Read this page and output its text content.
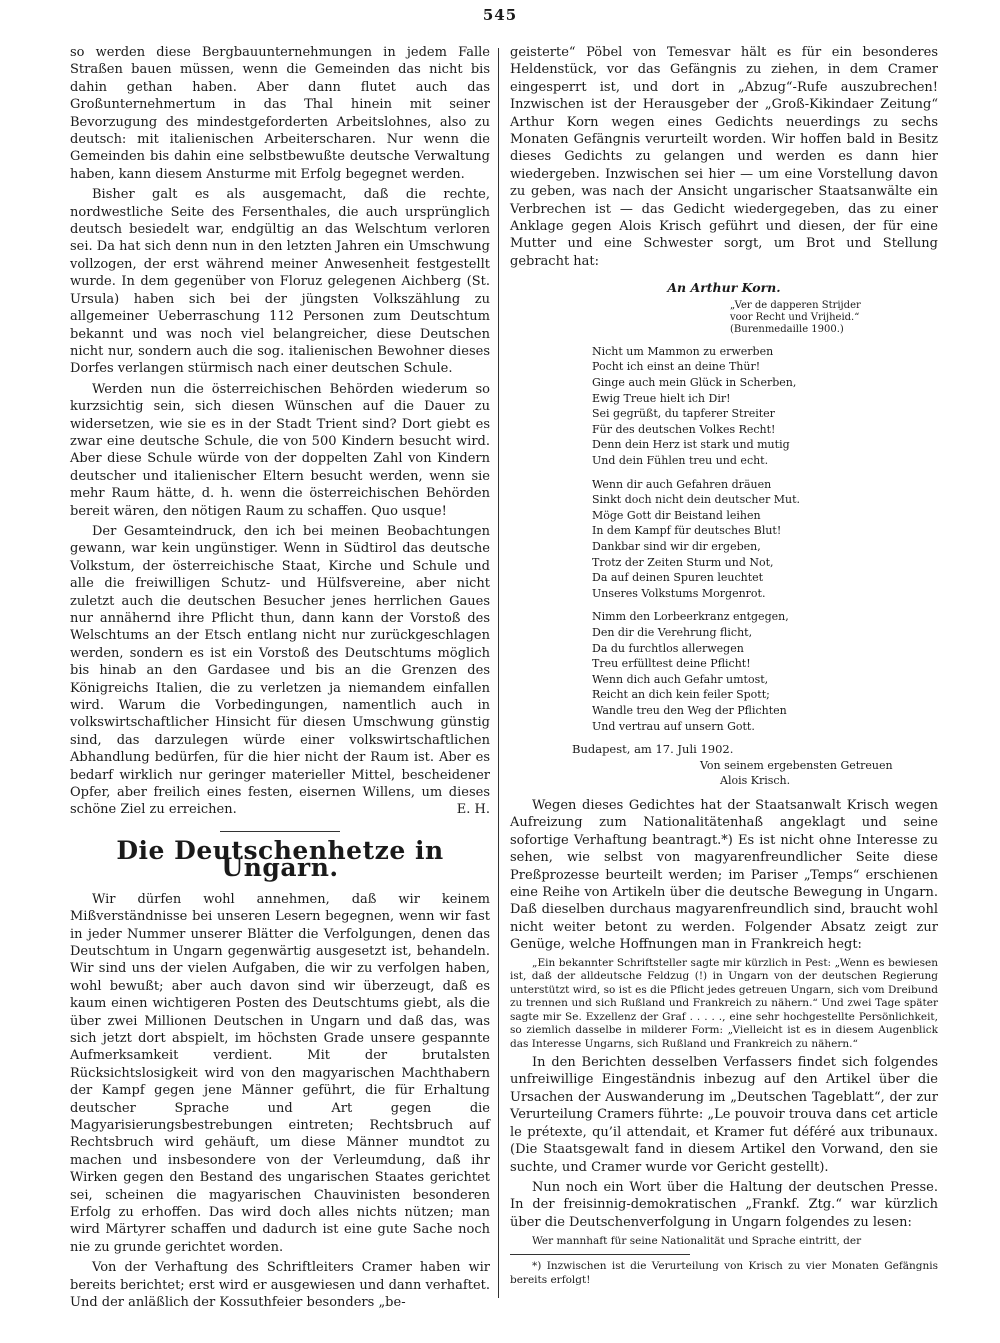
545

so werden diese Bergbauunternehmungen in jedem Falle Straßen bauen müssen, wenn die Gemeinden das nicht bis dahin gethan haben. Aber dann flutet auch das Großunternehmertum in das Thal hinein mit seiner Bevorzugung des mindestgeforderten Arbeitslohnes, also zu deutsch: mit italienischen Arbeiterscharen. Nur wenn die Gemeinden bis dahin eine selbstbewußte deutsche Verwaltung haben, kann diesem Ansturme mit Erfolg begegnet werden.

Bisher galt es als ausgemacht, daß die rechte, nordwestliche Seite des Fersenthales, die auch ursprünglich deutsch besiedelt war, endgültig an das Welschtum verloren sei. Da hat sich denn nun in den letzten Jahren ein Umschwung vollzogen, der erst während meiner Anwesenheit festgestellt wurde. In dem gegenüber von Floruz gelegenen Aichberg (St. Ursula) haben sich bei der jüngsten Volkszählung zu allgemeiner Ueberraschung 112 Personen zum Deutschtum bekannt und was noch viel belangreicher, diese Deutschen nicht nur, sondern auch die sog. italienischen Bewohner dieses Dorfes verlangen stürmisch nach einer deutschen Schule.

Werden nun die österreichischen Behörden wiederum so kurzsichtig sein, sich diesen Wünschen auf die Dauer zu widersetzen, wie sie es in der Stadt Trient sind? Dort giebt es zwar eine deutsche Schule, die von 500 Kindern besucht wird. Aber diese Schule würde von der doppelten Zahl von Kindern deutscher und italienischer Eltern besucht werden, wenn sie mehr Raum hätte, d. h. wenn die österreichischen Behörden bereit wären, den nötigen Raum zu schaffen. Quo usque!

Der Gesamteindruck, den ich bei meinen Beobachtungen gewann, war kein ungünstiger. Wenn in Südtirol das deutsche Volkstum, der österreichische Staat, Kirche und Schule und alle die freiwilligen Schutz- und Hülfsvereine, aber nicht zuletzt auch die deutschen Besucher jenes herrlichen Gaues nur annähernd ihre Pflicht thun, dann kann der Vorstoß des Welschtums an der Etsch entlang nicht nur zurückgeschlagen werden, sondern es ist ein Vorstoß des Deutschtums möglich bis hinab an den Gardasee und bis an die Grenzen des Königreichs Italien, die zu verletzen ja niemandem einfallen wird. Warum die Vorbedingungen, namentlich auch in volkswirtschaftlicher Hinsicht für diesen Umschwung günstig sind, das darzulegen würde einer volkswirtschaftlichen Abhandlung bedürfen, für die hier nicht der Raum ist. Aber es bedarf wirklich nur geringer materieller Mittel, bescheidener Opfer, aber freilich eines festen, eisernen Willens, um dieses schöne Ziel zu erreichen.	E. H.

Die Deutschenhetze in Ungarn.

Wir dürfen wohl annehmen, daß wir keinem Mißverständnisse bei unseren Lesern begegnen, wenn wir fast in jeder Nummer unserer Blätter die Verfolgungen, denen das Deutschtum in Ungarn gegenwärtig ausgesetzt ist, behandeln. Wir sind uns der vielen Aufgaben, die wir zu verfolgen haben, wohl bewußt; aber auch davon sind wir überzeugt, daß es kaum einen wichtigeren Posten des Deutschtums giebt, als die über zwei Millionen Deutschen in Ungarn und daß das, was sich jetzt dort abspielt, im höchsten Grade unsere gespannte Aufmerksamkeit verdient. Mit der brutalsten Rücksichtslosigkeit wird von den magyarischen Machthabern der Kampf gegen jene Männer geführt, die für Erhaltung deutscher Sprache und Art gegen die Magyarisierungsbestrebungen eintreten; Rechtsbruch auf Rechtsbruch wird gehäuft, um diese Männer mundtot zu machen und insbesondere von der Verleumdung, daß ihr Wirken gegen den Bestand des ungarischen Staates gerichtet sei, scheinen die magyarischen Chauvinisten besonderen Erfolg zu erhoffen. Das wird doch alles nichts nützen; man wird Märtyrer schaffen und dadurch ist eine gute Sache noch nie zu grunde gerichtet worden.

Von der Verhaftung des Schriftleiters Cramer haben wir bereits berichtet; erst wird er ausgewiesen und dann verhaftet. Und der anläßlich der Kossuthfeier besonders „be-

geisterte“ Pöbel von Temesvar hält es für ein besonderes Heldenstück, vor das Gefängnis zu ziehen, in dem Cramer eingesperrt ist, und dort in „Abzug“-Rufe auszubrechen! Inzwischen ist der Herausgeber der „Groß-Kikindaer Zeitung“ Arthur Korn wegen eines Gedichts neuerdings zu sechs Monaten Gefängnis verurteilt worden. Wir hoffen bald in Besitz dieses Gedichts zu gelangen und werden es dann hier wiedergeben. Inzwischen sei hier — um eine Vorstellung davon zu geben, was nach der Ansicht ungarischer Staatsanwälte ein Verbrechen ist — das Gedicht wiedergegeben, das zu einer Anklage gegen Alois Krisch geführt und diesen, der für eine Mutter und eine Schwester sorgt, um Brot und Stellung gebracht hat:

An Arthur Korn.
„Ver de dapperen Strijder
voor Recht und Vrijheid.“
(Burenmedaille 1900.)
Nicht um Mammon zu erwerben
Pocht ich einst an deine Thür!
Ginge auch mein Glück in Scherben,
Ewig Treue hielt ich Dir!
Sei gegrüßt, du tapferer Streiter
Für des deutschen Volkes Recht!
Denn dein Herz ist stark und mutig
Und dein Fühlen treu und echt.
Wenn dir auch Gefahren dräuen
Sinkt doch nicht dein deutscher Mut.
Möge Gott dir Beistand leihen
In dem Kampf für deutsches Blut!
Dankbar sind wir dir ergeben,
Trotz der Zeiten Sturm und Not,
Da auf deinen Spuren leuchtet
Unseres Volkstums Morgenrot.
Nimm den Lorbeerkranz entgegen,
Den dir die Verehrung flicht,
Da du furchtlos allerwegen
Treu erfülltest deine Pflicht!
Wenn dich auch Gefahr umtost,
Reicht an dich kein feiler Spott;
Wandle treu den Weg der Pflichten
Und vertrau auf unsern Gott.
Budapest, am 17. Juli 1902.
Von seinem ergebensten Getreuen
Alois Krisch.

Wegen dieses Gedichtes hat der Staatsanwalt Krisch wegen Aufreizung zum Nationalitätenhaß angeklagt und seine sofortige Verhaftung beantragt.*) Es ist nicht ohne Interesse zu sehen, wie selbst von magyarenfreundlicher Seite diese Preßprozesse beurteilt werden; im Pariser „Temps“ erschienen eine Reihe von Artikeln über die deutsche Bewegung in Ungarn. Daß dieselben durchaus magyarenfreundlich sind, braucht wohl nicht weiter betont zu werden. Folgender Absatz zeigt zur Genüge, welche Hoffnungen man in Frankreich hegt:

„Ein bekannter Schriftsteller sagte mir kürzlich in Pest: „Wenn es bewiesen ist, daß der alldeutsche Feldzug (!) in Ungarn von der deutschen Regierung unterstützt wird, so ist es die Pflicht jedes getreuen Ungarn, sich vom Dreibund zu trennen und sich Rußland und Frankreich zu nähern.“ Und zwei Tage später sagte mir Se. Exzellenz der Graf . . . . ., eine sehr hochgestellte Persönlichkeit, so ziemlich dasselbe in milderer Form: „Vielleicht ist es in diesem Augenblick das Interesse Ungarns, sich Rußland und Frankreich zu nähern.“

In den Berichten desselben Verfassers findet sich folgendes unfreiwillige Eingeständnis inbezug auf den Artikel über die Ursachen der Auswanderung im „Deutschen Tageblatt“, der zur Verurteilung Cramers führte: „Le pouvoir trouva dans cet article le prétexte, qu’il attendait, et Kramer fut déféré aux tribunaux. (Die Staatsgewalt fand in diesem Artikel den Vorwand, den sie suchte, und Cramer wurde vor Gericht gestellt).

Nun noch ein Wort über die Haltung der deutschen Presse. In der freisinnig-demokratischen „Frankf. Ztg.“ war kürzlich über die Deutschenverfolgung in Ungarn folgendes zu lesen:

Wer mannhaft für seine Nationalität und Sprache eintritt, der

*) Inzwischen ist die Verurteilung von Krisch zu vier Monaten Gefängnis bereits erfolgt!
